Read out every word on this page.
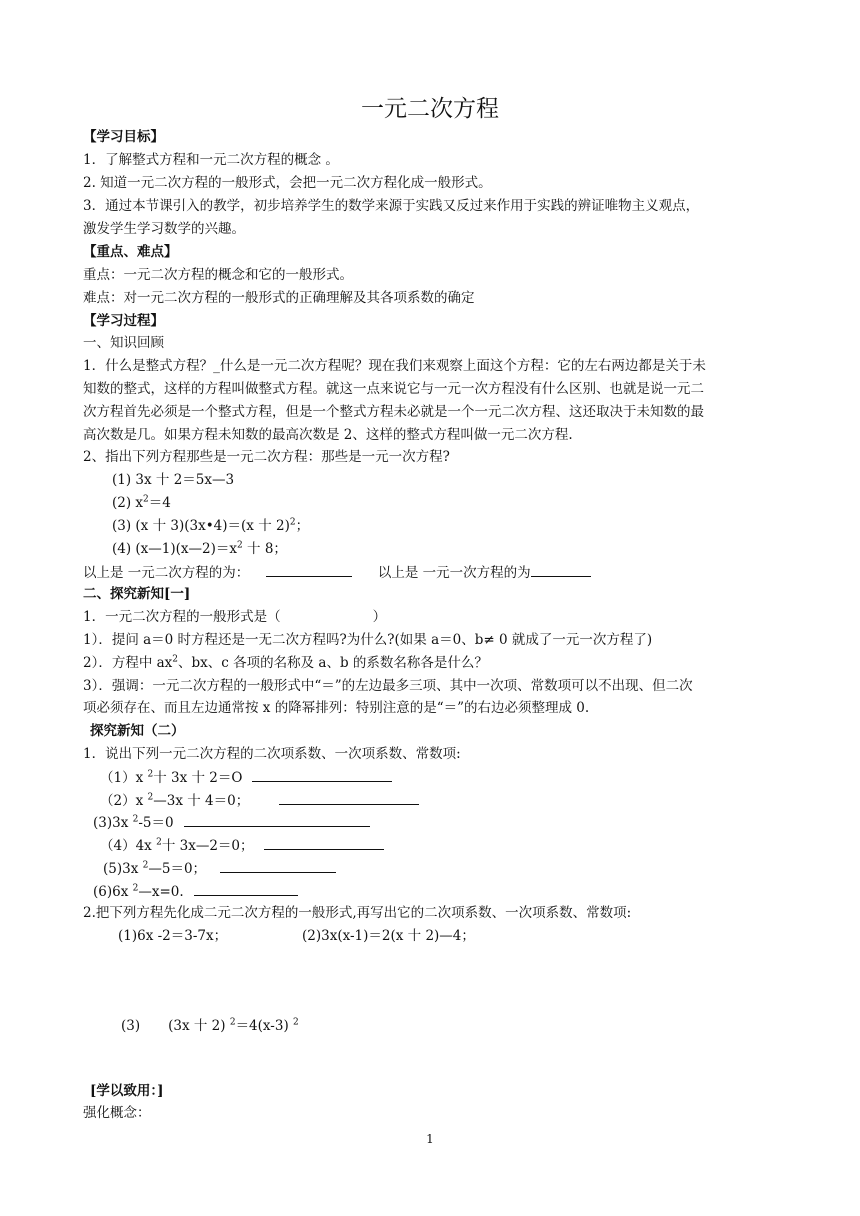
一元二次方程
【学习目标】
1．了解整式方程和一元二次方程的概念 。
2. 知道一元二次方程的一般形式，会把一元二次方程化成一般形式。
3．通过本节课引入的教学，初步培养学生的数学来源于实践又反过来作用于实践的辨证唯物主义观点，
激发学生学习数学的兴趣。
【重点、难点】
重点：一元二次方程的概念和它的一般形式。
难点：对一元二次方程的一般形式的正确理解及其各项系数的确定
【学习过程】
一、知识回顾
1．什么是整式方程？_什么是一元二次方程呢？现在我们来观察上面这个方程：它的左右两边都是关于未
知数的整式，这样的方程叫做整式方程。就这一点来说它与一元一次方程没有什么区别、也就是说一元二
次方程首先必须是一个整式方程，但是一个整式方程未必就是一个一元二次方程、这还取决于未知数的最
高次数是几。如果方程未知数的最高次数是 2、这样的整式方程叫做一元二次方程.
2、指出下列方程那些是一元二次方程：那些是一元一次方程?
(1) 3x 十 2＝5x—3
(2) $x^2=4$
(3) (x 十 3)(3x•4)＝(x 十 2)$^2$；
(4) $(x—1)(x—2)=x^2$ 十 8；
以上是 一元二次方程的为：	以上是 一元一次方程的为
二、探究新知[一]
1．一元二次方程的一般形式是（	）
1）．提问 a＝0 时方程还是一无二次方程吗?为什么?(如果 a＝0、b≠ 0 就成了一元一次方程了)
2）．方程中 $ax^2$、bx、c 各项的名称及 a、b 的系数名称各是什么？
3）．强调：一元二次方程的一般形式中“＝”的左边最多三项、其中一次项、常数项可以不出现、但二次
项必须存在、而且左边通常按 x 的降幂排列：特别注意的是“＝”的右边必须整理成 0.
探究新知（二）
1．说出下列一元二次方程的二次项系数、一次项系数、常数项:
（1）x $^2$十 3x 十 2＝O
（2）x $^2$—3x 十 4＝0；
(3)3x $^2$-5＝0
（4）4x $^2$十 3x—2＝0；
(5)3x $^2$—5＝0；
(6)6x $^2$—x=0.
2.把下列方程先化成二元二次方程的一般形式,再写出它的二次项系数、一次项系数、常数项:
(1)6x -2＝3-7x；	(2)3x(x-1)＝2(x 十 2)—4；
(3) (3x 十 2) $^2$＝4(x-3) $^2$
[学以致用：]
强化概念：
1
